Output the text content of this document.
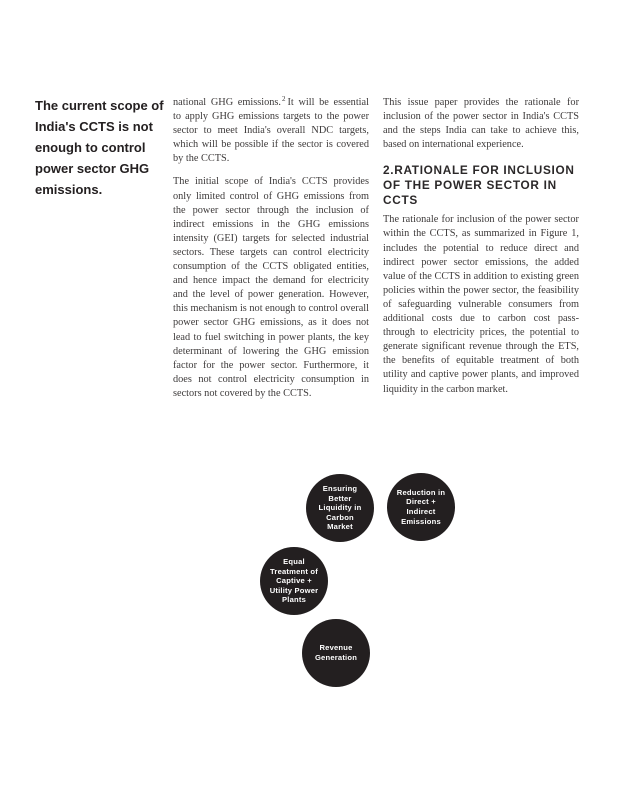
The current scope of India's CCTS is not enough to control power sector GHG emissions.

national GHG emissions.$^2$ It will be essential to apply GHG emissions targets to the power sector to meet India's overall NDC targets, which will be possible if the sector is covered by the CCTS.

The initial scope of India's CCTS provides only limited control of GHG emissions from the power sector through the inclusion of indirect emissions in the GHG emissions intensity (GEI) targets for selected industrial sectors. These targets can control electricity consumption of the CCTS obligated entities, and hence impact the demand for electricity and the level of power generation. However, this mechanism is not enough to control overall power sector GHG emissions, as it does not lead to fuel switching in power plants, the key determinant of lowering the GHG emission factor for the power sector. Furthermore, it does not control electricity consumption in sectors not covered by the CCTS.

This issue paper provides the rationale for inclusion of the power sector in India's CCTS and the steps India can take to achieve this, based on international experience.

2.RATIONALE FOR INCLUSION OF THE POWER SECTOR IN CCTS

The rationale for inclusion of the power sector within the CCTS, as summarized in Figure 1, includes the potential to reduce direct and indirect power sector emissions, the added value of the CCTS in addition to existing green policies within the power sector, the feasibility of safeguarding vulnerable consumers from additional costs due to carbon cost pass-through to electricity prices, the potential to generate significant revenue through the ETS, the benefits of equitable treatment of both utility and captive power plants, and improved liquidity in the carbon market.

Ensuring Better Liquidity in Carbon Market
Reduction in Direct + Indirect Emissions
Equal Treatment of Captive + Utility Power Plants
Revenue Generation
